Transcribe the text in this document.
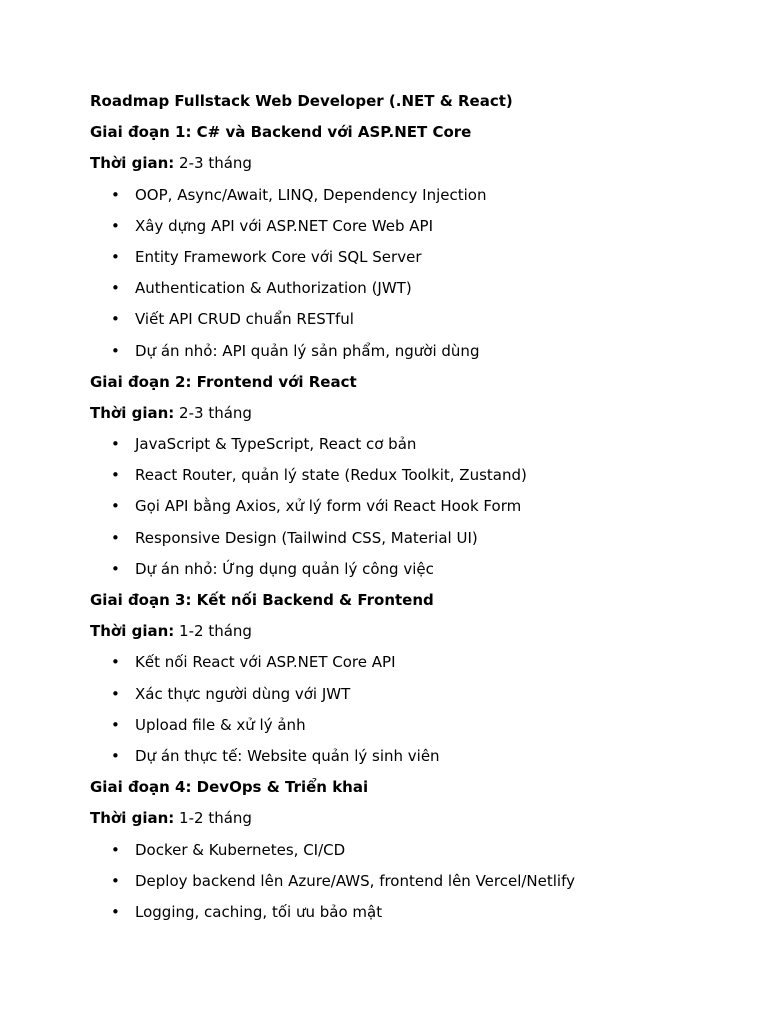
Roadmap Fullstack Web Developer (.NET & React)
Giai đoạn 1: C# và Backend với ASP.NET Core
Thời gian: 2-3 tháng
• OOP, Async/Await, LINQ, Dependency Injection
• Xây dựng API với ASP.NET Core Web API
• Entity Framework Core với SQL Server
• Authentication & Authorization (JWT)
• Viết API CRUD chuẩn RESTful
• Dự án nhỏ: API quản lý sản phẩm, người dùng
Giai đoạn 2: Frontend với React
Thời gian: 2-3 tháng
• JavaScript & TypeScript, React cơ bản
• React Router, quản lý state (Redux Toolkit, Zustand)
• Gọi API bằng Axios, xử lý form với React Hook Form
• Responsive Design (Tailwind CSS, Material UI)
• Dự án nhỏ: Ứng dụng quản lý công việc
Giai đoạn 3: Kết nối Backend & Frontend
Thời gian: 1-2 tháng
• Kết nối React với ASP.NET Core API
• Xác thực người dùng với JWT
• Upload file & xử lý ảnh
• Dự án thực tế: Website quản lý sinh viên
Giai đoạn 4: DevOps & Triển khai
Thời gian: 1-2 tháng
• Docker & Kubernetes, CI/CD
• Deploy backend lên Azure/AWS, frontend lên Vercel/Netlify
• Logging, caching, tối ưu bảo mật
